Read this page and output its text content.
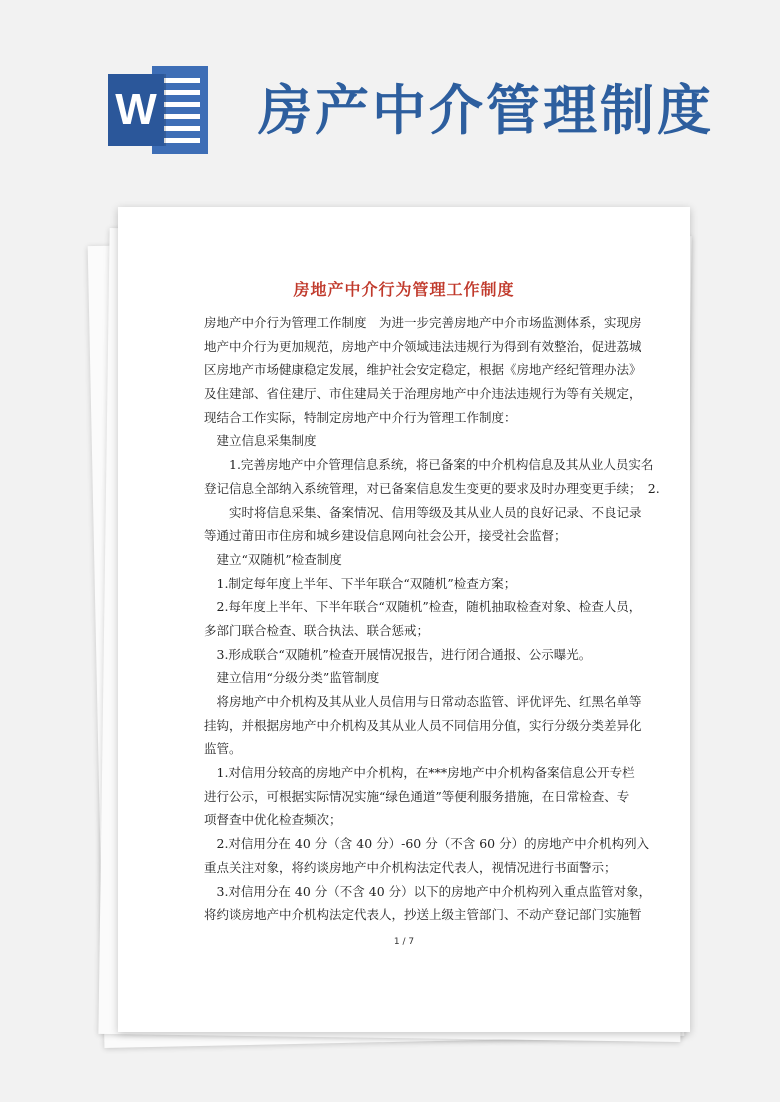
W 房产中介管理制度
房地产中介行为管理工作制度
房地产中介行为管理工作制度　为进一步完善房地产中介市场监测体系，实现房
地产中介行为更加规范，房地产中介领域违法违规行为得到有效整治，促进荔城
区房地产市场健康稳定发展，维护社会安定稳定，根据《房地产经纪管理办法》
及住建部、省住建厅、市住建局关于治理房地产中介违法违规行为等有关规定，
现结合工作实际，特制定房地产中介行为管理工作制度：
　建立信息采集制度
　　1.完善房地产中介管理信息系统，将已备案的中介机构信息及其从业人员实名
登记信息全部纳入系统管理，对已备案信息发生变更的要求及时办理变更手续；　2.
　　实时将信息采集、备案情况、信用等级及其从业人员的良好记录、不良记录
等通过莆田市住房和城乡建设信息网向社会公开，接受社会监督；
　建立“双随机”检查制度
　1.制定每年度上半年、下半年联合“双随机”检查方案；
　2.每年度上半年、下半年联合“双随机”检查，随机抽取检查对象、检查人员，
多部门联合检查、联合执法、联合惩戒；
　3.形成联合“双随机”检查开展情况报告，进行闭合通报、公示曝光。
　建立信用“分级分类”监管制度
　将房地产中介机构及其从业人员信用与日常动态监管、评优评先、红黑名单等
挂钩，并根据房地产中介机构及其从业人员不同信用分值，实行分级分类差异化
监管。
　1.对信用分较高的房地产中介机构，在***房地产中介机构备案信息公开专栏
进行公示，可根据实际情况实施“绿色通道”等便利服务措施，在日常检查、专
项督查中优化检查频次；
　2.对信用分在 40 分（含 40 分）-60 分（不含 60 分）的房地产中介机构列入
重点关注对象，将约谈房地产中介机构法定代表人，视情况进行书面警示；
　3.对信用分在 40 分（不含 40 分）以下的房地产中介机构列入重点监管对象，
将约谈房地产中介机构法定代表人，抄送上级主管部门、不动产登记部门实施暂
1 / 7
